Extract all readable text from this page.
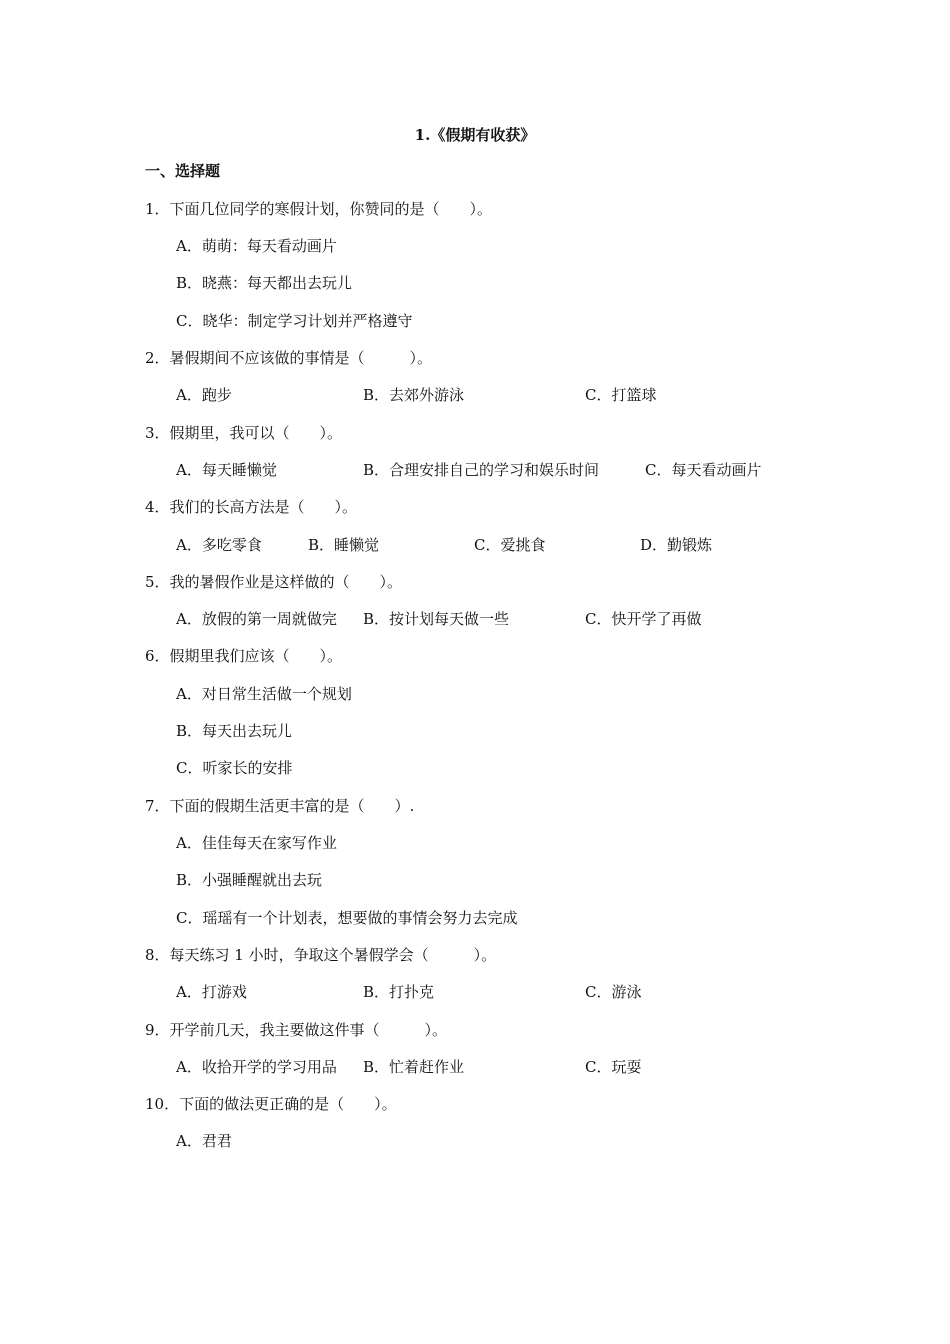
1.《假期有收获》
一、选择题
1．下面几位同学的寒假计划，你赞同的是（　　）。
A．萌萌：每天看动画片
B．晓燕：每天都出去玩儿
C．晓华：制定学习计划并严格遵守
2．暑假期间不应该做的事情是（　　　）。
A．跑步	B．去郊外游泳	C．打篮球
3．假期里，我可以（　　）。
A．每天睡懒觉	B．合理安排自己的学习和娱乐时间	C．每天看动画片
4．我们的长高方法是（　　）。
A．多吃零食	B．睡懒觉	C．爱挑食	D．勤锻炼
5．我的暑假作业是这样做的（　　）。
A．放假的第一周就做完 B．按计划每天做一些	C．快开学了再做
6．假期里我们应该（　　）。
A．对日常生活做一个规划
B．每天出去玩儿
C．听家长的安排
7．下面的假期生活更丰富的是（　　）.
A．佳佳每天在家写作业
B．小强睡醒就出去玩
C．瑶瑶有一个计划表，想要做的事情会努力去完成
8．每天练习 1 小时，争取这个暑假学会（　　　）。
A．打游戏	B．打扑克	C．游泳
9．开学前几天，我主要做这件事（　　　）。
A．收拾开学的学习用品 B．忙着赶作业	C．玩耍
10．下面的做法更正确的是（　　）。
A．君君
